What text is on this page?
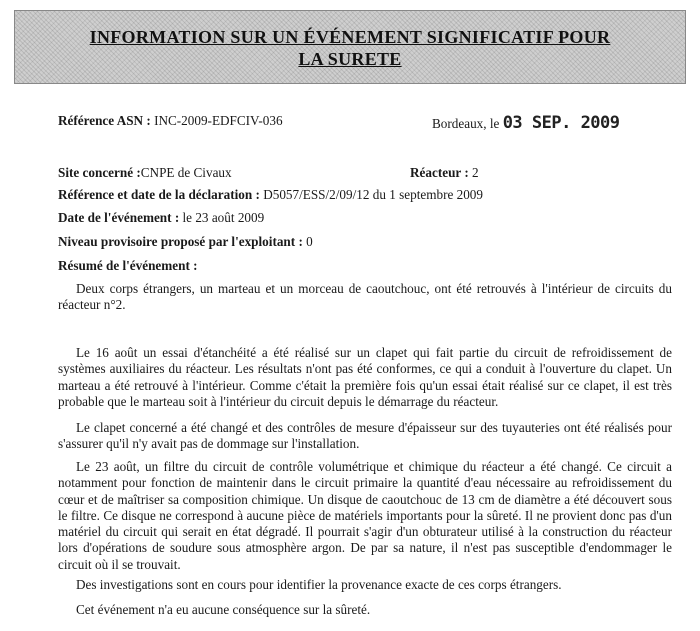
INFORMATION SUR UN ÉVÉNEMENT SIGNIFICATIF POUR
LA SURETE
Référence ASN : INC-2009-EDFCIV-036	Bordeaux, le 03 SEP. 2009
Site concerné :CNPE de Civaux	Réacteur : 2
Référence et date de la déclaration : D5057/ESS/2/09/12 du 1 septembre 2009
Date de l'événement : le 23 août 2009
Niveau provisoire proposé par l'exploitant : 0
Résumé de l'événement :
Deux corps étrangers, un marteau et un morceau de caoutchouc, ont été retrouvés à l'intérieur de circuits du réacteur n°2.
Le 16 août un essai d'étanchéité a été réalisé sur un clapet qui fait partie du circuit de refroidissement de systèmes auxiliaires du réacteur. Les résultats n'ont pas été conformes, ce qui a conduit à l'ouverture du clapet. Un marteau a été retrouvé à l'intérieur. Comme c'était la première fois qu'un essai était réalisé sur ce clapet, il est très probable que le marteau soit à l'intérieur du circuit depuis le démarrage du réacteur.
Le clapet concerné a été changé et des contrôles de mesure d'épaisseur sur des tuyauteries ont été réalisés pour s'assurer qu'il n'y avait pas de dommage sur l'installation.
Le 23 août, un filtre du circuit de contrôle volumétrique et chimique du réacteur a été changé. Ce circuit a notamment pour fonction de maintenir dans le circuit primaire la quantité d'eau nécessaire au refroidissement du cœur et de maîtriser sa composition chimique. Un disque de caoutchouc de 13 cm de diamètre a été découvert sous le filtre. Ce disque ne correspond à aucune pièce de matériels importants pour la sûreté. Il ne provient donc pas d'un matériel du circuit qui serait en état dégradé. Il pourrait s'agir d'un obturateur utilisé à la construction du réacteur lors d'opérations de soudure sous atmosphère argon. De par sa nature, il n'est pas susceptible d'endommager le circuit où il se trouvait.
Des investigations sont en cours pour identifier la provenance exacte de ces corps étrangers.
Cet événement n'a eu aucune conséquence sur la sûreté.
